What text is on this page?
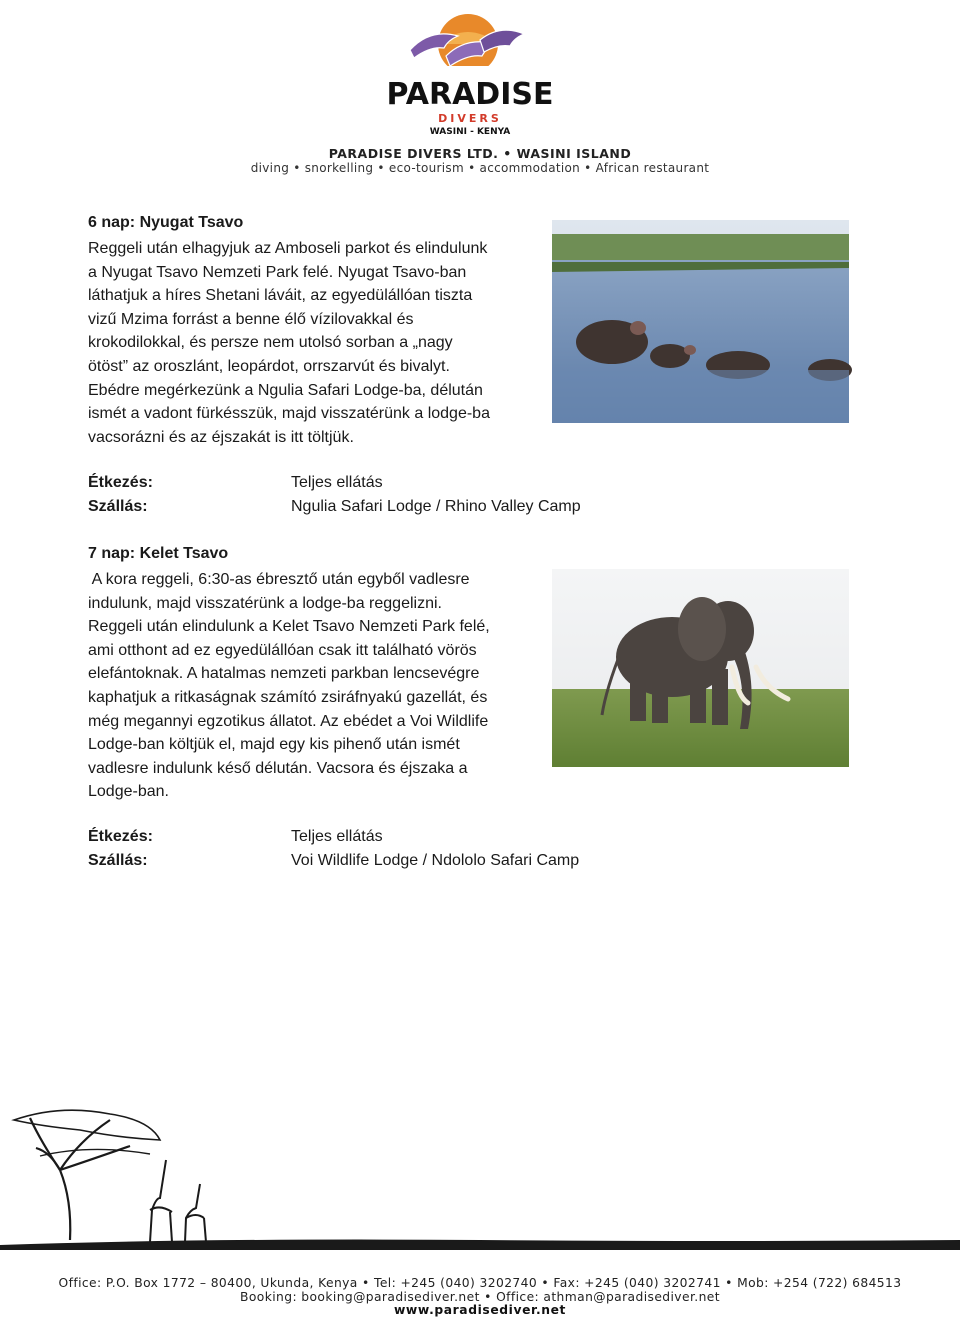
PARADISE
DIVERS
WASINI - KENYA
PARADISE DIVERS LTD. • WASINI ISLAND
diving • snorkelling • eco-tourism • accommodation • African restaurant
6 nap: Nyugat Tsavo

Reggeli után elhagyjuk az Amboseli parkot és elindulunk
a Nyugat Tsavo Nemzeti Park felé. Nyugat Tsavo-ban
láthatjuk a híres Shetani láváit, az egyedülállóan tiszta
vizű Mzima forrást a benne élő vízilovakkal és
krokodilokkal, és persze nem utolsó sorban a „nagy
ötöst” az oroszlánt, leopárdot, orrszarvút és bivalyt.
Ebédre megérkezünk a Ngulia Safari Lodge-ba, délután
ismét a vadont fürkésszük, majd visszatérünk a lodge-ba
vacsorázni és az éjszakát is itt töltjük.

Étkezés:	Teljes ellátás
Szállás:	Ngulia Safari Lodge / Rhino Valley Camp
7 nap: Kelet Tsavo

A kora reggeli, 6:30-as ébresztő után egyből vadlesre
indulunk, majd visszatérünk a lodge-ba reggelizni.
Reggeli után elindulunk a Kelet Tsavo Nemzeti Park felé,
ami otthont ad ez egyedülállóan csak itt található vörös
elefántoknak. A hatalmas nemzeti parkban lencsevégre
kaphatjuk a ritkaságnak számító zsiráfnyakú gazellát, és
még megannyi egzotikus állatot. Az ebédet a Voi Wildlife
Lodge-ban költjük el, majd egy kis pihenő után ismét
vadlesre indulunk késő délután. Vacsora és éjszaka a
Lodge-ban.

Étkezés:	Teljes ellátás
Szállás:	Voi Wildlife Lodge / Ndololo Safari Camp
Office: P.O. Box 1772 – 80400, Ukunda, Kenya • Tel: +245 (040) 3202740 • Fax: +245 (040) 3202741 • Mob: +254 (722) 684513
Booking: booking@paradisediver.net • Office: athman@paradisediver.net
www.paradisediver.net
